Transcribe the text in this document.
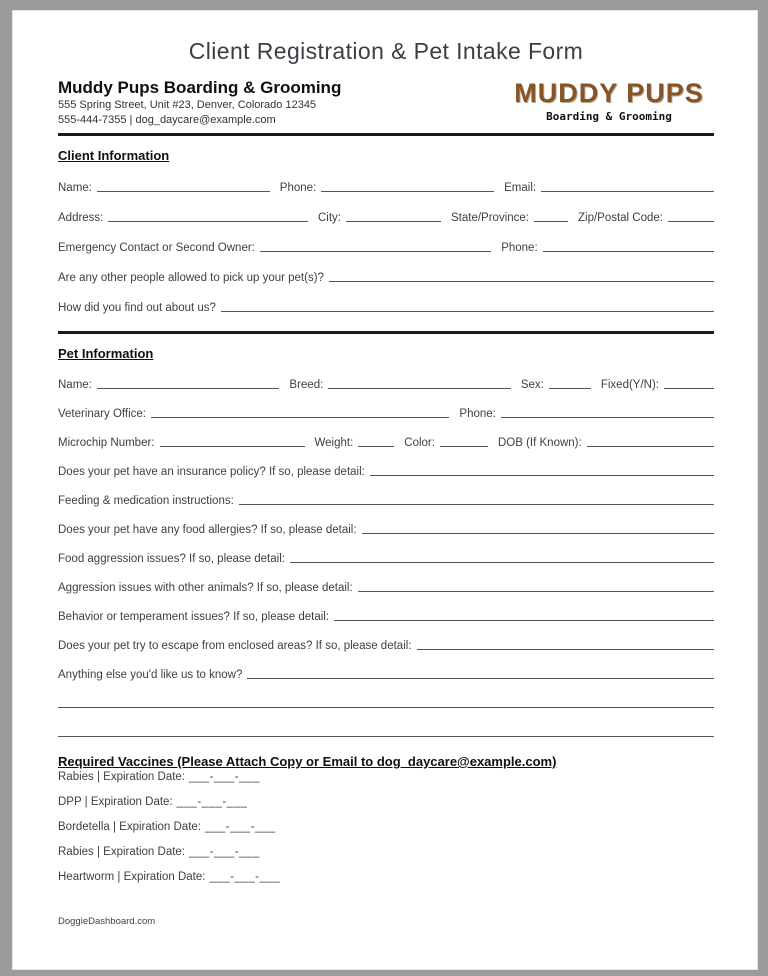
Client Registration & Pet Intake Form
Muddy Pups Boarding & Grooming
555 Spring Street, Unit #23, Denver, Colorado 12345
555-444-7355 | dog_daycare@example.com
MUDDY PUPS
Boarding & Grooming
Client Information
Name:	Phone:	Email:
Address:	City:	State/Province:	Zip/Postal Code:
Emergency Contact or Second Owner:	Phone:
Are any other people allowed to pick up your pet(s)?
How did you find out about us?
Pet Information
Name:	Breed:	Sex:	Fixed(Y/N):
Veterinary Office:	Phone:
Microchip Number:	Weight:	Color:	DOB (If Known):
Does your pet have an insurance policy? If so, please detail:
Feeding & medication instructions:
Does your pet have any food allergies? If so, please detail:
Food aggression issues? If so, please detail:
Aggression issues with other animals? If so, please detail:
Behavior or temperament issues? If so, please detail:
Does your pet try to escape from enclosed areas? If so, please detail:
Anything else you'd like us to know?
Required Vaccines (Please Attach Copy or Email to dog_daycare@example.com)
Rabies | Expiration Date: ___-___-___
DPP | Expiration Date: ___-___-___
Bordetella | Expiration Date: ___-___-___
Rabies | Expiration Date: ___-___-___
Heartworm | Expiration Date: ___-___-___
DoggieDashboard.com
